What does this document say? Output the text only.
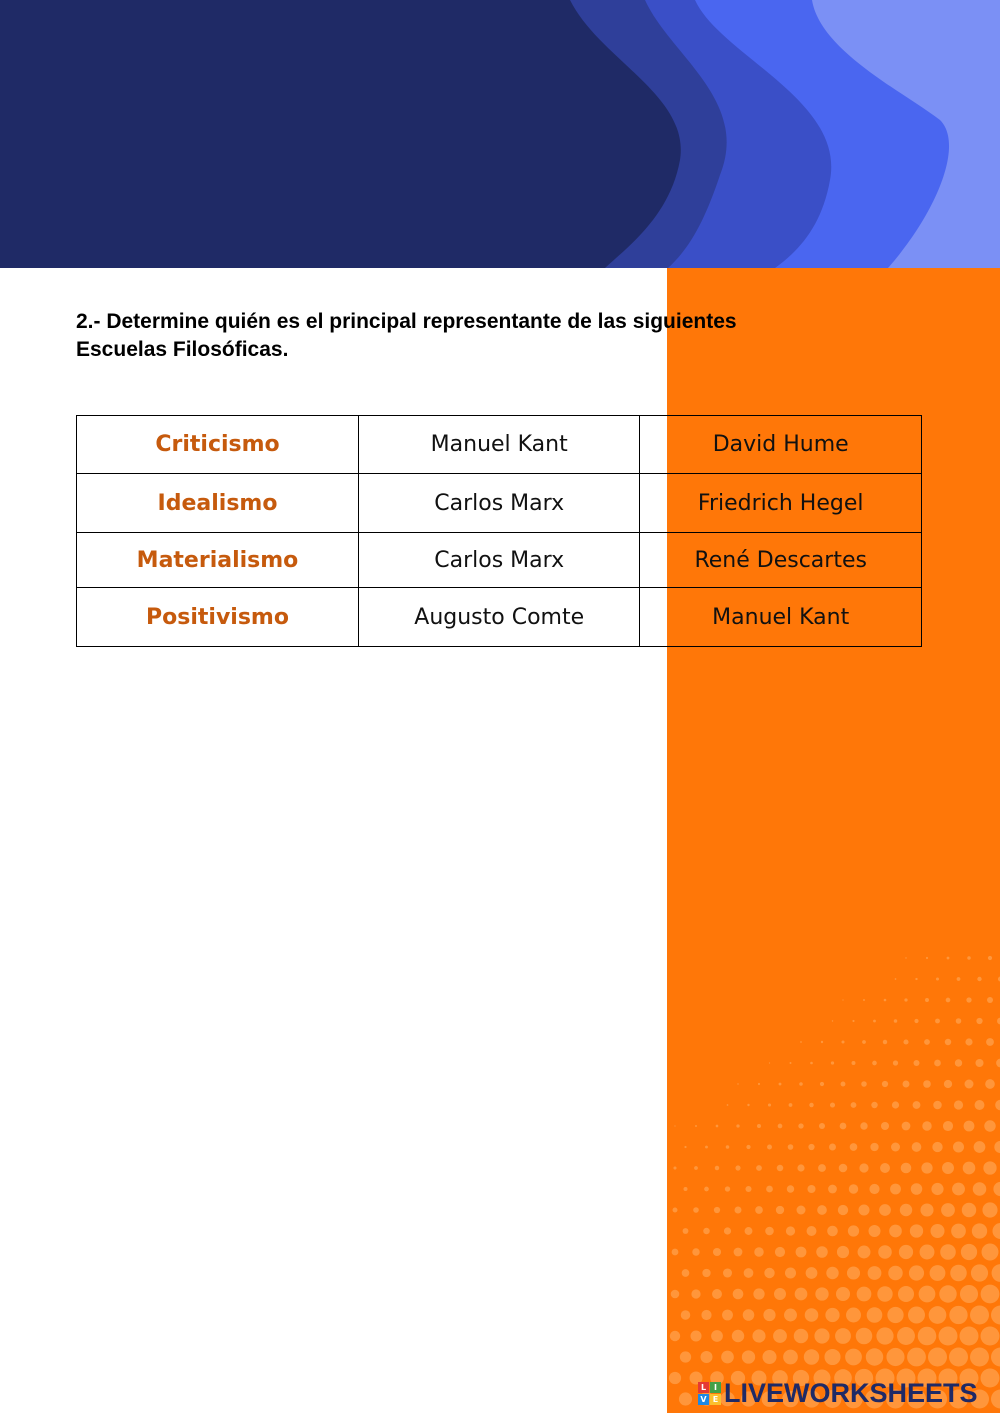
2.- Determine quién es el principal representante de las siguientes
Escuelas Filosóficas.
Criticismo	Manuel Kant	David Hume
Idealismo	Carlos Marx	Friedrich Hegel
Materialismo	Carlos Marx	René Descartes
Positivismo	Augusto Comte	Manuel Kant
L I
V E LIVEWORKSHEETS
